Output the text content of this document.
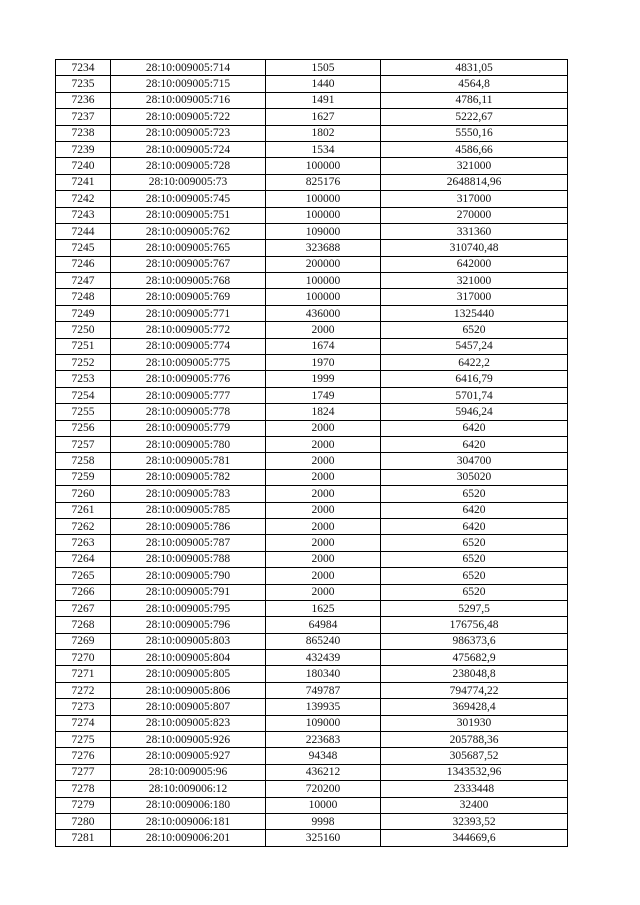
7234	28:10:009005:714	1505	4831,05
7235	28:10:009005:715	1440	4564,8
7236	28:10:009005:716	1491	4786,11
7237	28:10:009005:722	1627	5222,67
7238	28:10:009005:723	1802	5550,16
7239	28:10:009005:724	1534	4586,66
7240	28:10:009005:728	100000	321000
7241	28:10:009005:73	825176	2648814,96
7242	28:10:009005:745	100000	317000
7243	28:10:009005:751	100000	270000
7244	28:10:009005:762	109000	331360
7245	28:10:009005:765	323688	310740,48
7246	28:10:009005:767	200000	642000
7247	28:10:009005:768	100000	321000
7248	28:10:009005:769	100000	317000
7249	28:10:009005:771	436000	1325440
7250	28:10:009005:772	2000	6520
7251	28:10:009005:774	1674	5457,24
7252	28:10:009005:775	1970	6422,2
7253	28:10:009005:776	1999	6416,79
7254	28:10:009005:777	1749	5701,74
7255	28:10:009005:778	1824	5946,24
7256	28:10:009005:779	2000	6420
7257	28:10:009005:780	2000	6420
7258	28:10:009005:781	2000	304700
7259	28:10:009005:782	2000	305020
7260	28:10:009005:783	2000	6520
7261	28:10:009005:785	2000	6420
7262	28:10:009005:786	2000	6420
7263	28:10:009005:787	2000	6520
7264	28:10:009005:788	2000	6520
7265	28:10:009005:790	2000	6520
7266	28:10:009005:791	2000	6520
7267	28:10:009005:795	1625	5297,5
7268	28:10:009005:796	64984	176756,48
7269	28:10:009005:803	865240	986373,6
7270	28:10:009005:804	432439	475682,9
7271	28:10:009005:805	180340	238048,8
7272	28:10:009005:806	749787	794774,22
7273	28:10:009005:807	139935	369428,4
7274	28:10:009005:823	109000	301930
7275	28:10:009005:926	223683	205788,36
7276	28:10:009005:927	94348	305687,52
7277	28:10:009005:96	436212	1343532,96
7278	28:10:009006:12	720200	2333448
7279	28:10:009006:180	10000	32400
7280	28:10:009006:181	9998	32393,52
7281	28:10:009006:201	325160	344669,6
